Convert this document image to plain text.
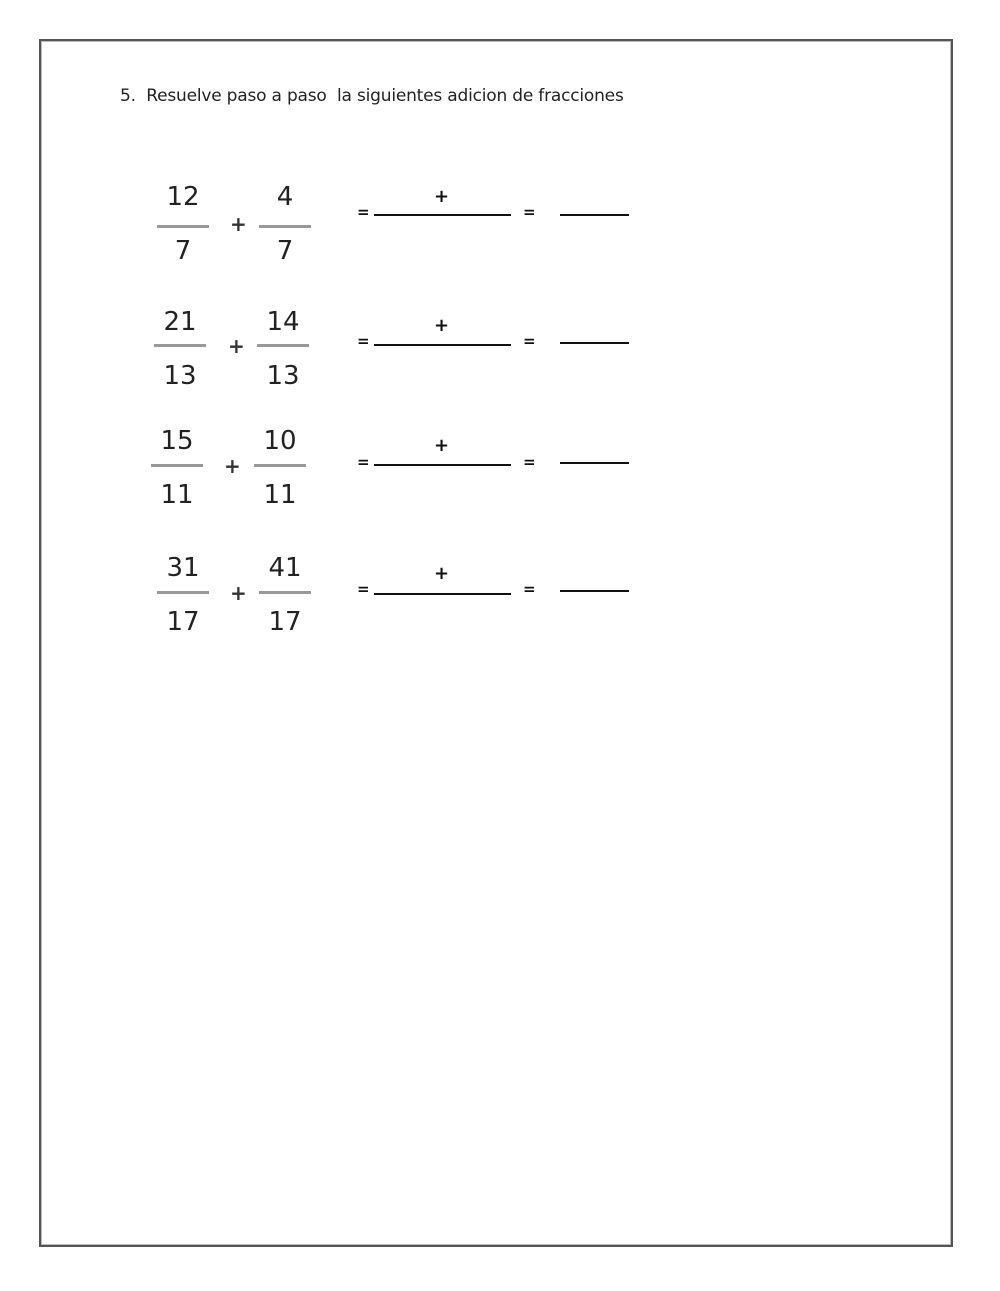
5.  Resuelve paso a paso  la siguientes adicion de fracciones
12
7
+
4
7
=
+
=
21
13
+
14
13
=
+
=
15
11
+
10
11
=
+
=
31
17
+
41
17
=
+
=
